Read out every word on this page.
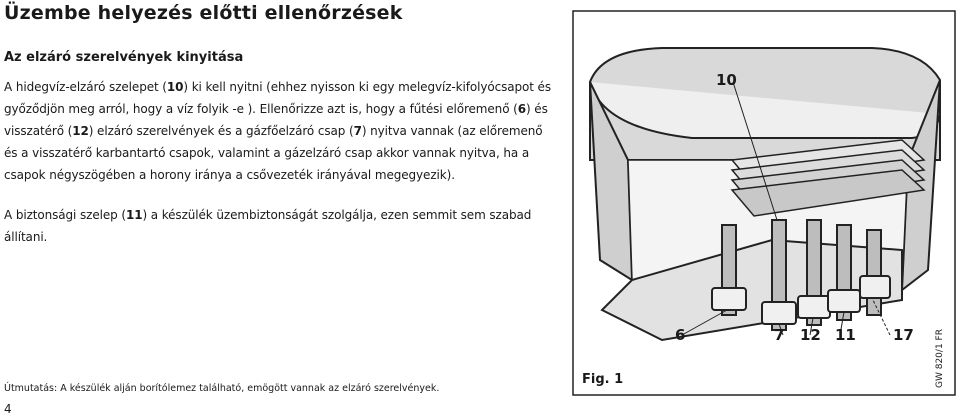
Üzembe helyezés előtti ellenőrzések
Az elzáró szerelvények kinyitása
A hidegvíz-elzáró szelepet (10) ki kell nyitni (ehhez nyisson ki egy melegvíz-kifolyócsapot és győződjön meg arról, hogy a víz folyik -e ). Ellenőrizze azt is, hogy a fűtési előremenő (6) és visszatérő (12) elzáró szerelvények és a gázfőelzáró csap (7) nyitva vannak (az előremenő és a visszatérő karbantartó csapok, valamint a gázelzáró csap akkor vannak nyitva, ha a csapok négyszögében a horony iránya a csővezeték irányával megegyezik).
A biztonsági szelep (11) a készülék üzembiztonságát szolgálja, ezen semmit sem szabad állítani.
Útmutatás: A készülék alján borítólemez található, emögött vannak az elzáró szerelvények.
4
10
6	7 12 11 17
Fig. 1	GW 820/1 FR
